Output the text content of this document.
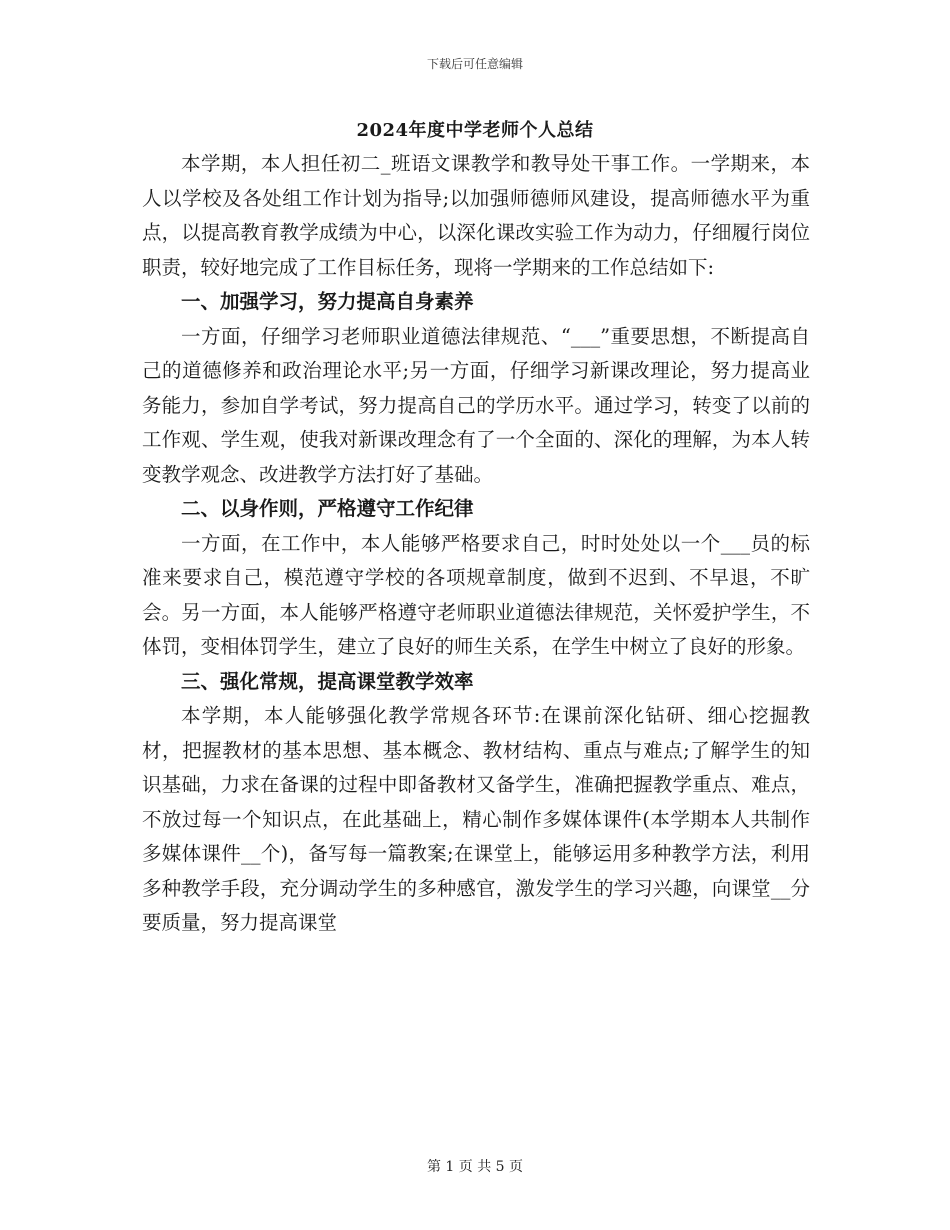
下载后可任意编辑
2024年度中学老师个人总结

本学期，本人担任初二_班语文课教学和教导处干事工作。一学期来，本人以学校及各处组工作计划为指导;以加强师德师风建设，提高师德水平为重点，以提高教育教学成绩为中心，以深化课改实验工作为动力，仔细履行岗位职责，较好地完成了工作目标任务，现将一学期来的工作总结如下:

一、加强学习，努力提高自身素养

一方面，仔细学习老师职业道德法律规范、“___”重要思想，不断提高自己的道德修养和政治理论水平;另一方面，仔细学习新课改理论，努力提高业务能力，参加自学考试，努力提高自己的学历水平。通过学习，转变了以前的工作观、学生观，使我对新课改理念有了一个全面的、深化的理解，为本人转变教学观念、改进教学方法打好了基础。

二、以身作则，严格遵守工作纪律

一方面，在工作中，本人能够严格要求自己，时时处处以一个___员的标准来要求自己，模范遵守学校的各项规章制度，做到不迟到、不早退，不旷会。另一方面，本人能够严格遵守老师职业道德法律规范，关怀爱护学生，不体罚，变相体罚学生，建立了良好的师生关系，在学生中树立了良好的形象。

三、强化常规，提高课堂教学效率

本学期，本人能够强化教学常规各环节:在课前深化钻研、细心挖掘教材，把握教材的基本思想、基本概念、教材结构、重点与难点;了解学生的知识基础，力求在备课的过程中即备教材又备学生，准确把握教学重点、难点，不放过每一个知识点，在此基础上，精心制作多媒体课件(本学期本人共制作多媒体课件__个)，备写每一篇教案;在课堂上，能够运用多种教学方法，利用多种教学手段，充分调动学生的多种感官，激发学生的学习兴趣，向课堂__分要质量，努力提高课堂

第 1 页 共 5 页
